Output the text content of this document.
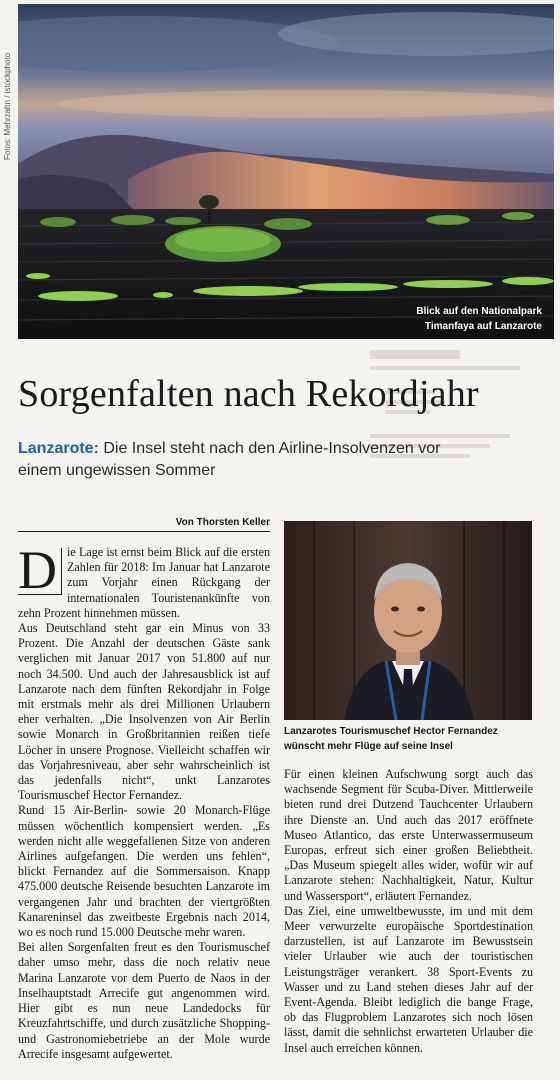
Fotos: Mehrzahn / istockphoto
Blick auf den Nationalpark
Timanfaya auf Lanzarote
Sorgenfalten nach Rekordjahr
Lanzarote: Die Insel steht nach den Airline-Insolvenzen vor einem ungewissen Sommer
Von Thorsten Keller

D ie Lage ist ernst beim Blick auf die ersten Zahlen für 2018: Im Januar hat Lanzarote zum Vorjahr einen Rückgang der internationalen Touristenankünfte von zehn Prozent hinnehmen müssen.

Aus Deutschland steht gar ein Minus von 33 Prozent. Die Anzahl der deutschen Gäste sank verglichen mit Januar 2017 von 51.800 auf nur noch 34.500. Und auch der Jahresausblick ist auf Lanzarote nach dem fünften Rekordjahr in Folge mit erstmals mehr als drei Millionen Urlaubern eher verhalten. „Die Insolvenzen von Air Berlin sowie Monarch in Großbritannien reißen tiefe Löcher in unsere Prognose. Vielleicht schaffen wir das Vorjahresniveau, aber sehr wahrscheinlich ist das jedenfalls nicht“, unkt Lanzarotes Tourismuschef Hector Fernandez.

Rund 15 Air-Berlin- sowie 20 Monarch-Flüge müssen wöchentlich kompensiert werden. „Es werden nicht alle weggefallenen Sitze von anderen Airlines aufgefangen. Die werden uns fehlen“, blickt Fernandez auf die Sommersaison. Knapp 475.000 deutsche Reisende besuchten Lanzarote im vergangenen Jahr und brachten der viertgrößten Kanareninsel das zweitbeste Ergebnis nach 2014, wo es noch rund 15.000 Deutsche mehr waren.

Bei allen Sorgenfalten freut es den Tourismuschef daher umso mehr, dass die noch relativ neue Marina Lanzarote vor dem Puerto de Naos in der Inselhauptstadt Arrecife gut angenommen wird. Hier gibt es nun neue Landedocks für Kreuzfahrtschiffe, und durch zusätzliche Shopping- und Gastronomiebetriebe an der Mole wurde Arrecife insgesamt aufgewertet.

Lanzarotes Tourismuschef Hector Fernandez
wünscht mehr Flüge auf seine Insel

Für einen kleinen Aufschwung sorgt auch das wachsende Segment für Scuba-Diver. Mittlerweile bieten rund drei Dutzend Tauchcenter Urlaubern ihre Dienste an. Und auch das 2017 eröffnete Museo Atlantico, das erste Unterwassermuseum Europas, erfreut sich einer großen Beliebtheit. „Das Museum spiegelt alles wider, wofür wir auf Lanzarote stehen: Nachhaltigkeit, Natur, Kultur und Wassersport“, erläutert Fernandez.

Das Ziel, eine umweltbewusste, im und mit dem Meer verwurzelte europäische Sportdestination darzustellen, ist auf Lanzarote im Bewusstsein vieler Urlauber wie auch der touristischen Leistungsträger verankert. 38 Sport-Events zu Wasser und zu Land stehen dieses Jahr auf der Event-Agenda. Bleibt lediglich die bange Frage, ob das Flugproblem Lanzarotes sich noch lösen lässt, damit die sehnlichst erwarteten Urlauber die Insel auch erreichen können.
